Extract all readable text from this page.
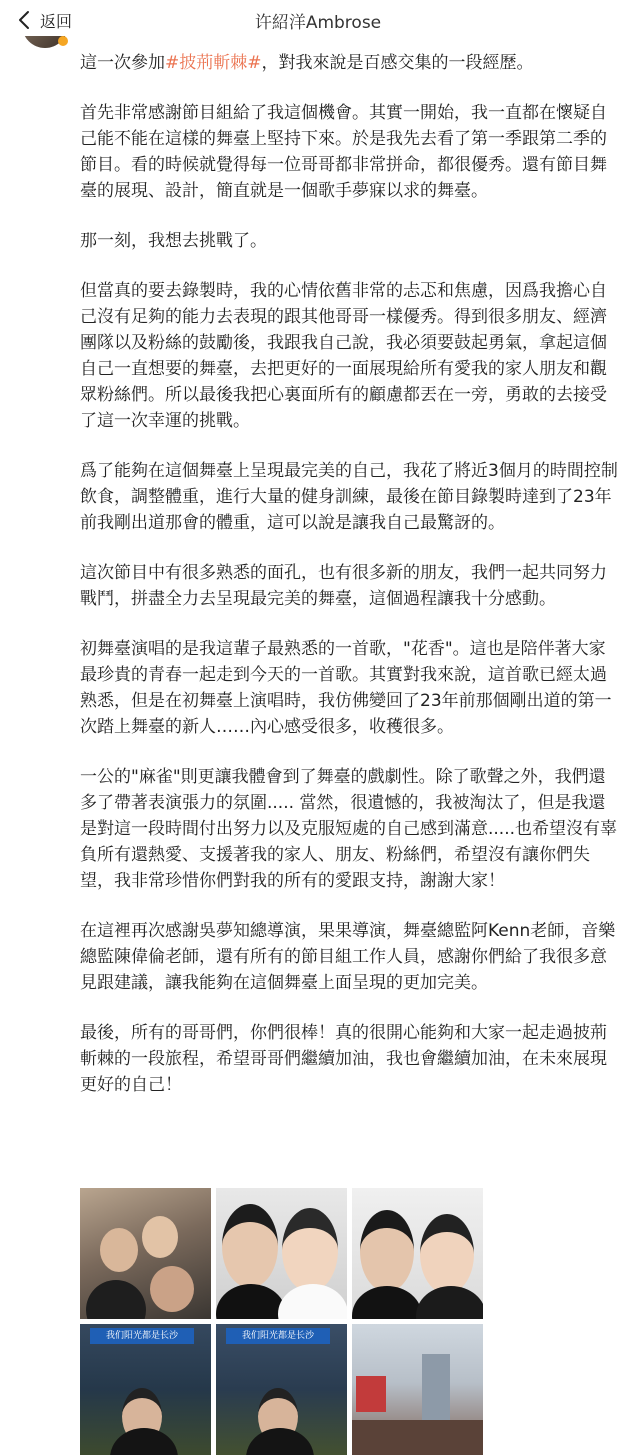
返回	许紹洋Ambrose

這一次參加#披荊斬棘#，對我來說是百感交集的一段經歷。

首先非常感謝節目組給了我這個機會。其實一開始，我一直都在懷疑自己能不能在這樣的舞臺上堅持下來。於是我先去看了第一季跟第二季的節目。看的時候就覺得每一位哥哥都非常拼命，都很優秀。還有節目舞臺的展現、設計，簡直就是一個歌手夢寐以求的舞臺。

那一刻，我想去挑戰了。

但當真的要去錄製時，我的心情依舊非常的忐忑和焦慮，因爲我擔心自己沒有足夠的能力去表現的跟其他哥哥一樣優秀。得到很多朋友、經濟團隊以及粉絲的鼓勵後，我跟我自己說，我必須要鼓起勇氣，拿起這個自己一直想要的舞臺，去把更好的一面展現給所有愛我的家人朋友和觀眾粉絲們。所以最後我把心裏面所有的顧慮都丟在一旁，勇敢的去接受了這一次幸運的挑戰。

爲了能夠在這個舞臺上呈現最完美的自己，我花了將近3個月的時間控制飲食，調整體重，進行大量的健身訓練，最後在節目錄製時達到了23年前我剛出道那會的體重，這可以說是讓我自己最驚訝的。

這次節目中有很多熟悉的面孔，也有很多新的朋友，我們一起共同努力戰鬥，拼盡全力去呈現最完美的舞臺，這個過程讓我十分感動。

初舞臺演唱的是我這輩子最熟悉的一首歌，"花香"。這也是陪伴著大家最珍貴的青春一起走到今天的一首歌。其實對我來說，這首歌已經太過熟悉，但是在初舞臺上演唱時，我仿佛變回了23年前那個剛出道的第一次踏上舞臺的新人……內心感受很多，收穫很多。

一公的"麻雀"則更讓我體會到了舞臺的戲劇性。除了歌聲之外，我們還多了帶著表演張力的氛圍..... 當然，很遺憾的，我被淘汰了，但是我還是對這一段時間付出努力以及克服短處的自己感到滿意.....也希望沒有辜負所有還熱愛、支援著我的家人、朋友、粉絲們，希望沒有讓你們失望，我非常珍惜你們對我的所有的愛跟支持，謝謝大家！

在這裡再次感謝吳夢知總導演，果果導演，舞臺總監阿Kenn老師，音樂總監陳偉倫老師，還有所有的節目組工作人員，感謝你們給了我很多意見跟建議，讓我能夠在這個舞臺上面呈現的更加完美。

最後，所有的哥哥們，你們很棒！真的很開心能夠和大家一起走過披荊斬棘的一段旅程，希望哥哥們繼續加油，我也會繼續加油，在未來展現更好的自己！

我们阳光都是长沙	我们阳光都是长沙
